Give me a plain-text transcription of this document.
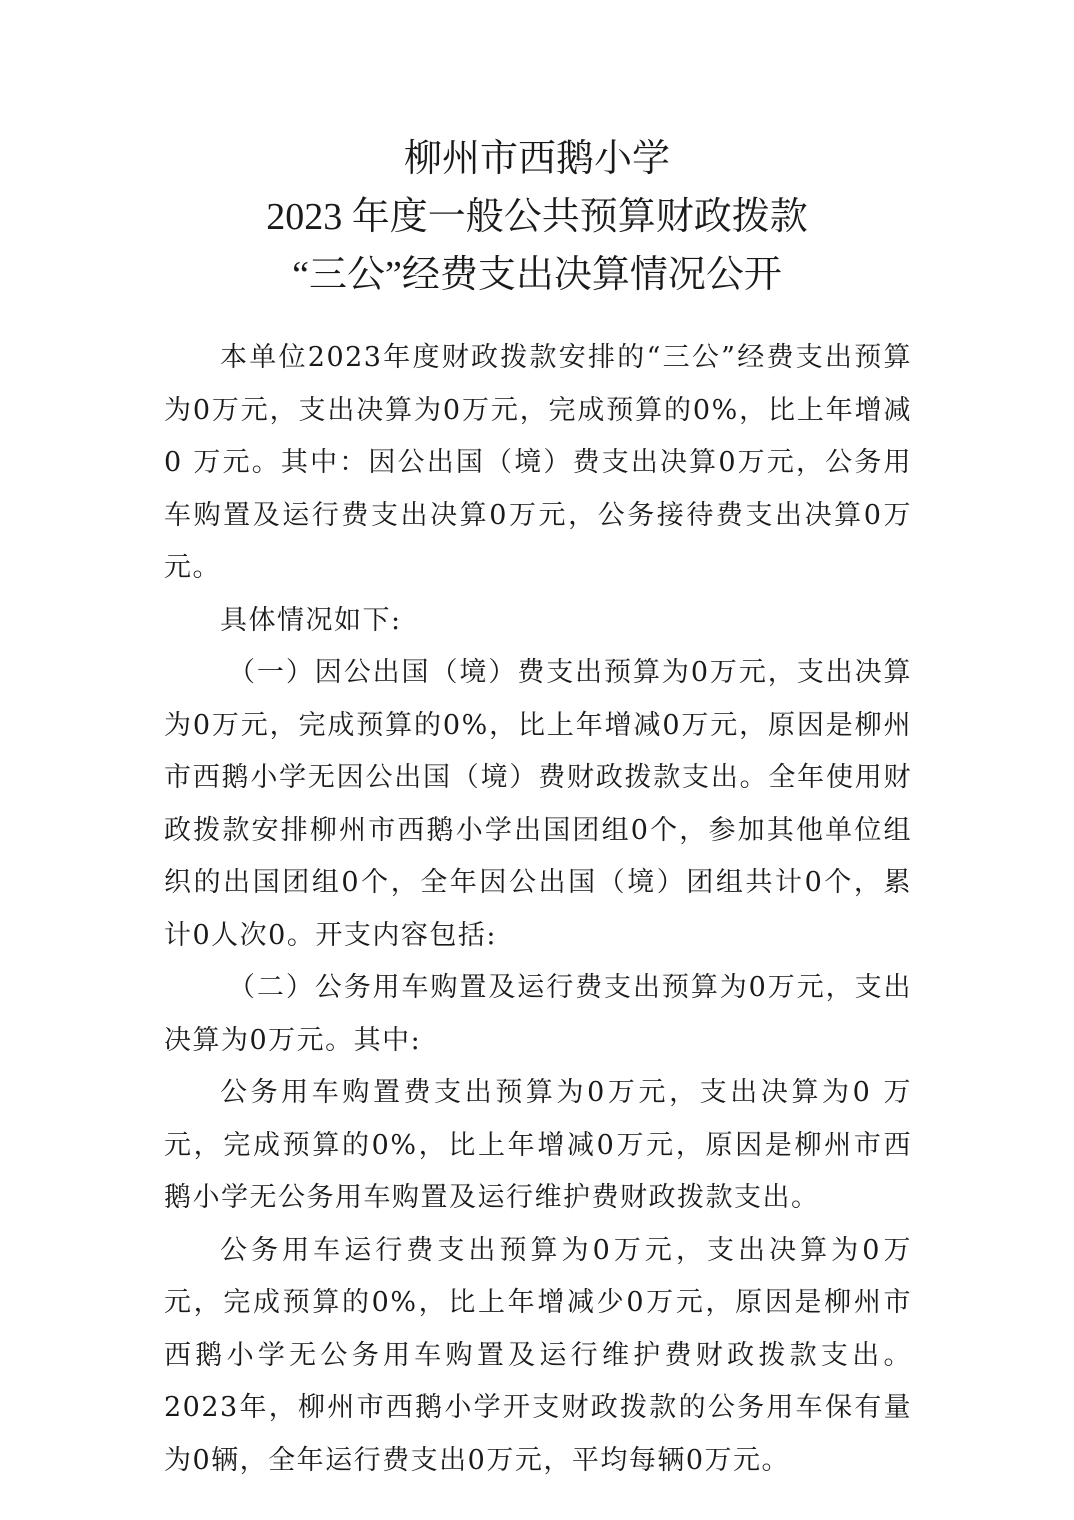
柳州市西鹅小学
2023 年度一般公共预算财政拨款
“三公”经费支出决算情况公开

本单位2023年度财政拨款安排的“三公”经费支出预算为0万元，支出决算为0万元，完成预算的0%，比上年增减0 万元。其中：因公出国（境）费支出决算0万元，公务用车购置及运行费支出决算0万元，公务接待费支出决算0万元。

具体情况如下:

（一）因公出国（境）费支出预算为0万元，支出决算为0万元，完成预算的0%，比上年增减0万元，原因是柳州市西鹅小学无因公出国（境）费财政拨款支出。全年使用财政拨款安排柳州市西鹅小学出国团组0个，参加其他单位组织的出国团组0个，全年因公出国（境）团组共计0个，累计0人次0。开支内容包括:

（二）公务用车购置及运行费支出预算为0万元，支出决算为0万元。其中:

公务用车购置费支出预算为0万元，支出决算为0 万元，完成预算的0%，比上年增减0万元，原因是柳州市西鹅小学无公务用车购置及运行维护费财政拨款支出。

公务用车运行费支出预算为0万元，支出决算为0万元，完成预算的0%，比上年增减少0万元，原因是柳州市西鹅小学无公务用车购置及运行维护费财政拨款支出。2023年，柳州市西鹅小学开支财政拨款的公务用车保有量为0辆，全年运行费支出0万元，平均每辆0万元。
